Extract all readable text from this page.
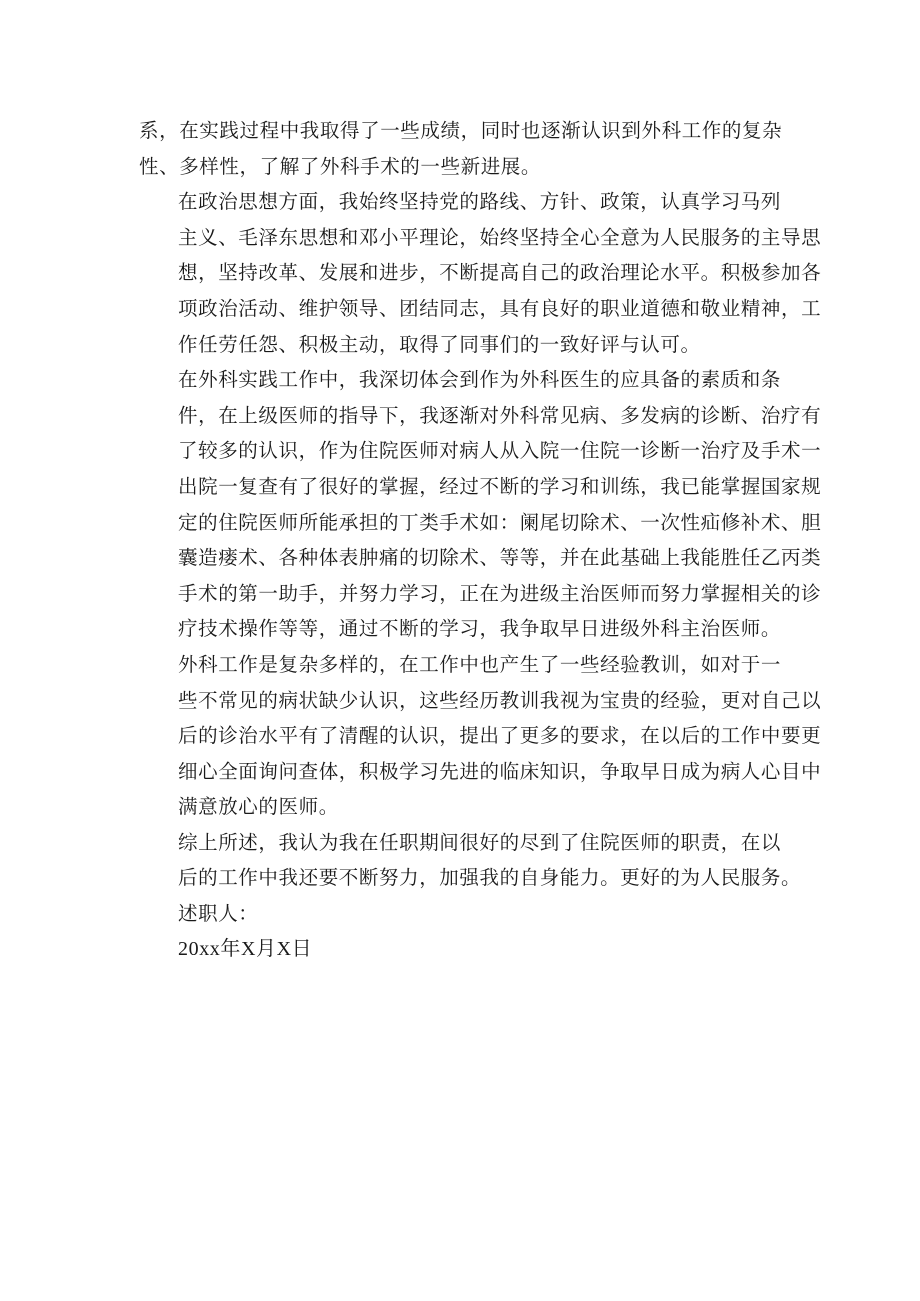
系，在实践过程中我取得了一些成绩，同时也逐渐认识到外科工作的复杂
性、多样性，了解了外科手术的一些新进展。

在政治思想方面，我始终坚持党的路线、方针、政策，认真学习马列
主义、毛泽东思想和邓小平理论，始终坚持全心全意为人民服务的主导思
想，坚持改革、发展和进步，不断提高自己的政治理论水平。积极参加各
项政治活动、维护领导、团结同志，具有良好的职业道德和敬业精神，工
作任劳任怨、积极主动，取得了同事们的一致好评与认可。

在外科实践工作中，我深切体会到作为外科医生的应具备的素质和条
件，在上级医师的指导下，我逐渐对外科常见病、多发病的诊断、治疗有
了较多的认识，作为住院医师对病人从入院一住院一诊断一治疗及手术一
出院一复查有了很好的掌握，经过不断的学习和训练，我已能掌握国家规
定的住院医师所能承担的丁类手术如：阑尾切除术、一次性疝修补术、胆
囊造瘘术、各种体表肿痛的切除术、等等，并在此基础上我能胜任乙丙类
手术的第一助手，并努力学习，正在为进级主治医师而努力掌握相关的诊
疗技术操作等等，通过不断的学习，我争取早日进级外科主治医师。

外科工作是复杂多样的，在工作中也产生了一些经验教训，如对于一
些不常见的病状缺少认识，这些经历教训我视为宝贵的经验，更对自己以
后的诊治水平有了清醒的认识，提出了更多的要求，在以后的工作中要更
细心全面询问查体，积极学习先进的临床知识，争取早日成为病人心目中
满意放心的医师。

综上所述，我认为我在任职期间很好的尽到了住院医师的职责，在以
后的工作中我还要不断努力，加强我的自身能力。更好的为人民服务。

述职人：

20xx年X月X日
